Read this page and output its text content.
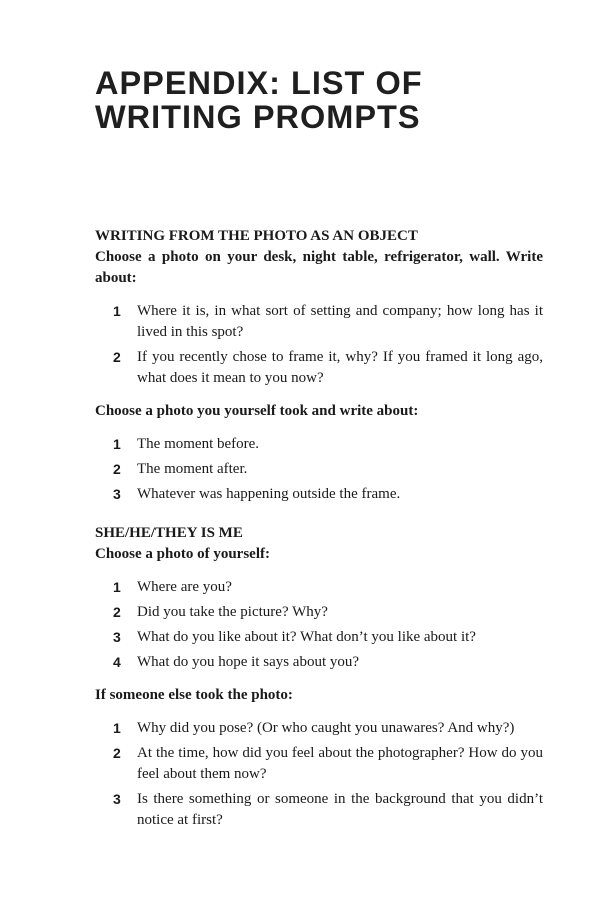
APPENDIX: LIST OF
WRITING PROMPTS

WRITING FROM THE PHOTO AS AN OBJECT

Choose a photo on your desk, night table, refrigerator, wall. Write about:

1	Where it is, in what sort of setting and company; how long has it lived in this spot?
2	If you recently chose to frame it, why? If you framed it long ago, what does it mean to you now?

Choose a photo you yourself took and write about:

1	The moment before.
2	The moment after.
3	Whatever was happening outside the frame.

SHE/HE/THEY IS ME

Choose a photo of yourself:

1	Where are you?
2	Did you take the picture? Why?
3	What do you like about it? What don’t you like about it?
4	What do you hope it says about you?

If someone else took the photo:

1	Why did you pose? (Or who caught you unawares? And why?)
2	At the time, how did you feel about the photographer? How do you feel about them now?
3	Is there something or someone in the background that you didn’t notice at first?
